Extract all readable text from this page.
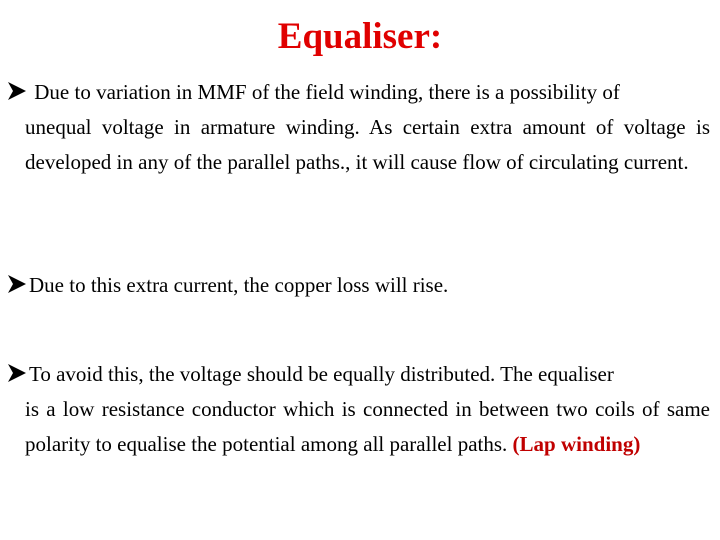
Equaliser:
Due to variation in MMF of the field winding, there is a possibility of
unequal voltage in armature winding. As certain extra amount of voltage is developed in any of the parallel paths., it will cause flow of circulating current.
Due to this extra current, the copper loss will rise.
To avoid this, the voltage should be equally distributed. The equaliser
is a low resistance conductor which is connected in between two coils of same polarity to equalise the potential among all parallel paths. (Lap winding)
